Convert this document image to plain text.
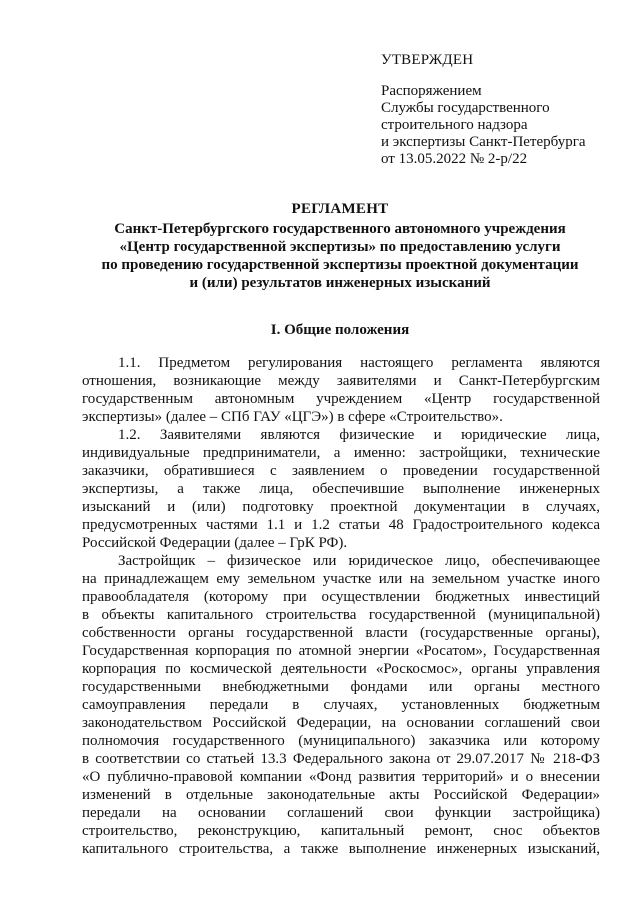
УТВЕРЖДЕН
Распоряжением
Службы государственного
строительного надзора
и экспертизы Санкт-Петербурга
от 13.05.2022 № 2-р/22
РЕГЛАМЕНТ
Санкт-Петербургского государственного автономного учреждения
«Центр государственной экспертизы» по предоставлению услуги
по проведению государственной экспертизы проектной документации
и (или) результатов инженерных изысканий
I. Общие положения
1.1. Предметом регулирования настоящего регламента являются
отношения, возникающие между заявителями и Санкт-Петербургским
государственным автономным учреждением «Центр государственной
экспертизы» (далее – СПб ГАУ «ЦГЭ») в сфере «Строительство».
1.2. Заявителями являются физические и юридические лица,
индивидуальные предприниматели, а именно: застройщики, технические
заказчики, обратившиеся с заявлением о проведении государственной
экспертизы, а также лица, обеспечившие выполнение инженерных
изысканий и (или) подготовку проектной документации в случаях,
предусмотренных частями 1.1 и 1.2 статьи 48 Градостроительного кодекса
Российской Федерации (далее – ГрК РФ).
Застройщик – физическое или юридическое лицо, обеспечивающее
на принадлежащем ему земельном участке или на земельном участке иного
правообладателя (которому при осуществлении бюджетных инвестиций
в объекты капитального строительства государственной (муниципальной)
собственности органы государственной власти (государственные органы),
Государственная корпорация по атомной энергии «Росатом», Государственная
корпорация по космической деятельности «Роскосмос», органы управления
государственными внебюджетными фондами или органы местного
самоуправления передали в случаях, установленных бюджетным
законодательством Российской Федерации, на основании соглашений свои
полномочия государственного (муниципального) заказчика или которому
в соответствии со статьей 13.3 Федерального закона от 29.07.2017 № 218-ФЗ
«О публично-правовой компании «Фонд развития территорий» и о внесении
изменений в отдельные законодательные акты Российской Федерации»
передали на основании соглашений свои функции застройщика)
строительство, реконструкцию, капитальный ремонт, снос объектов
капитального строительства, а также выполнение инженерных изысканий,
